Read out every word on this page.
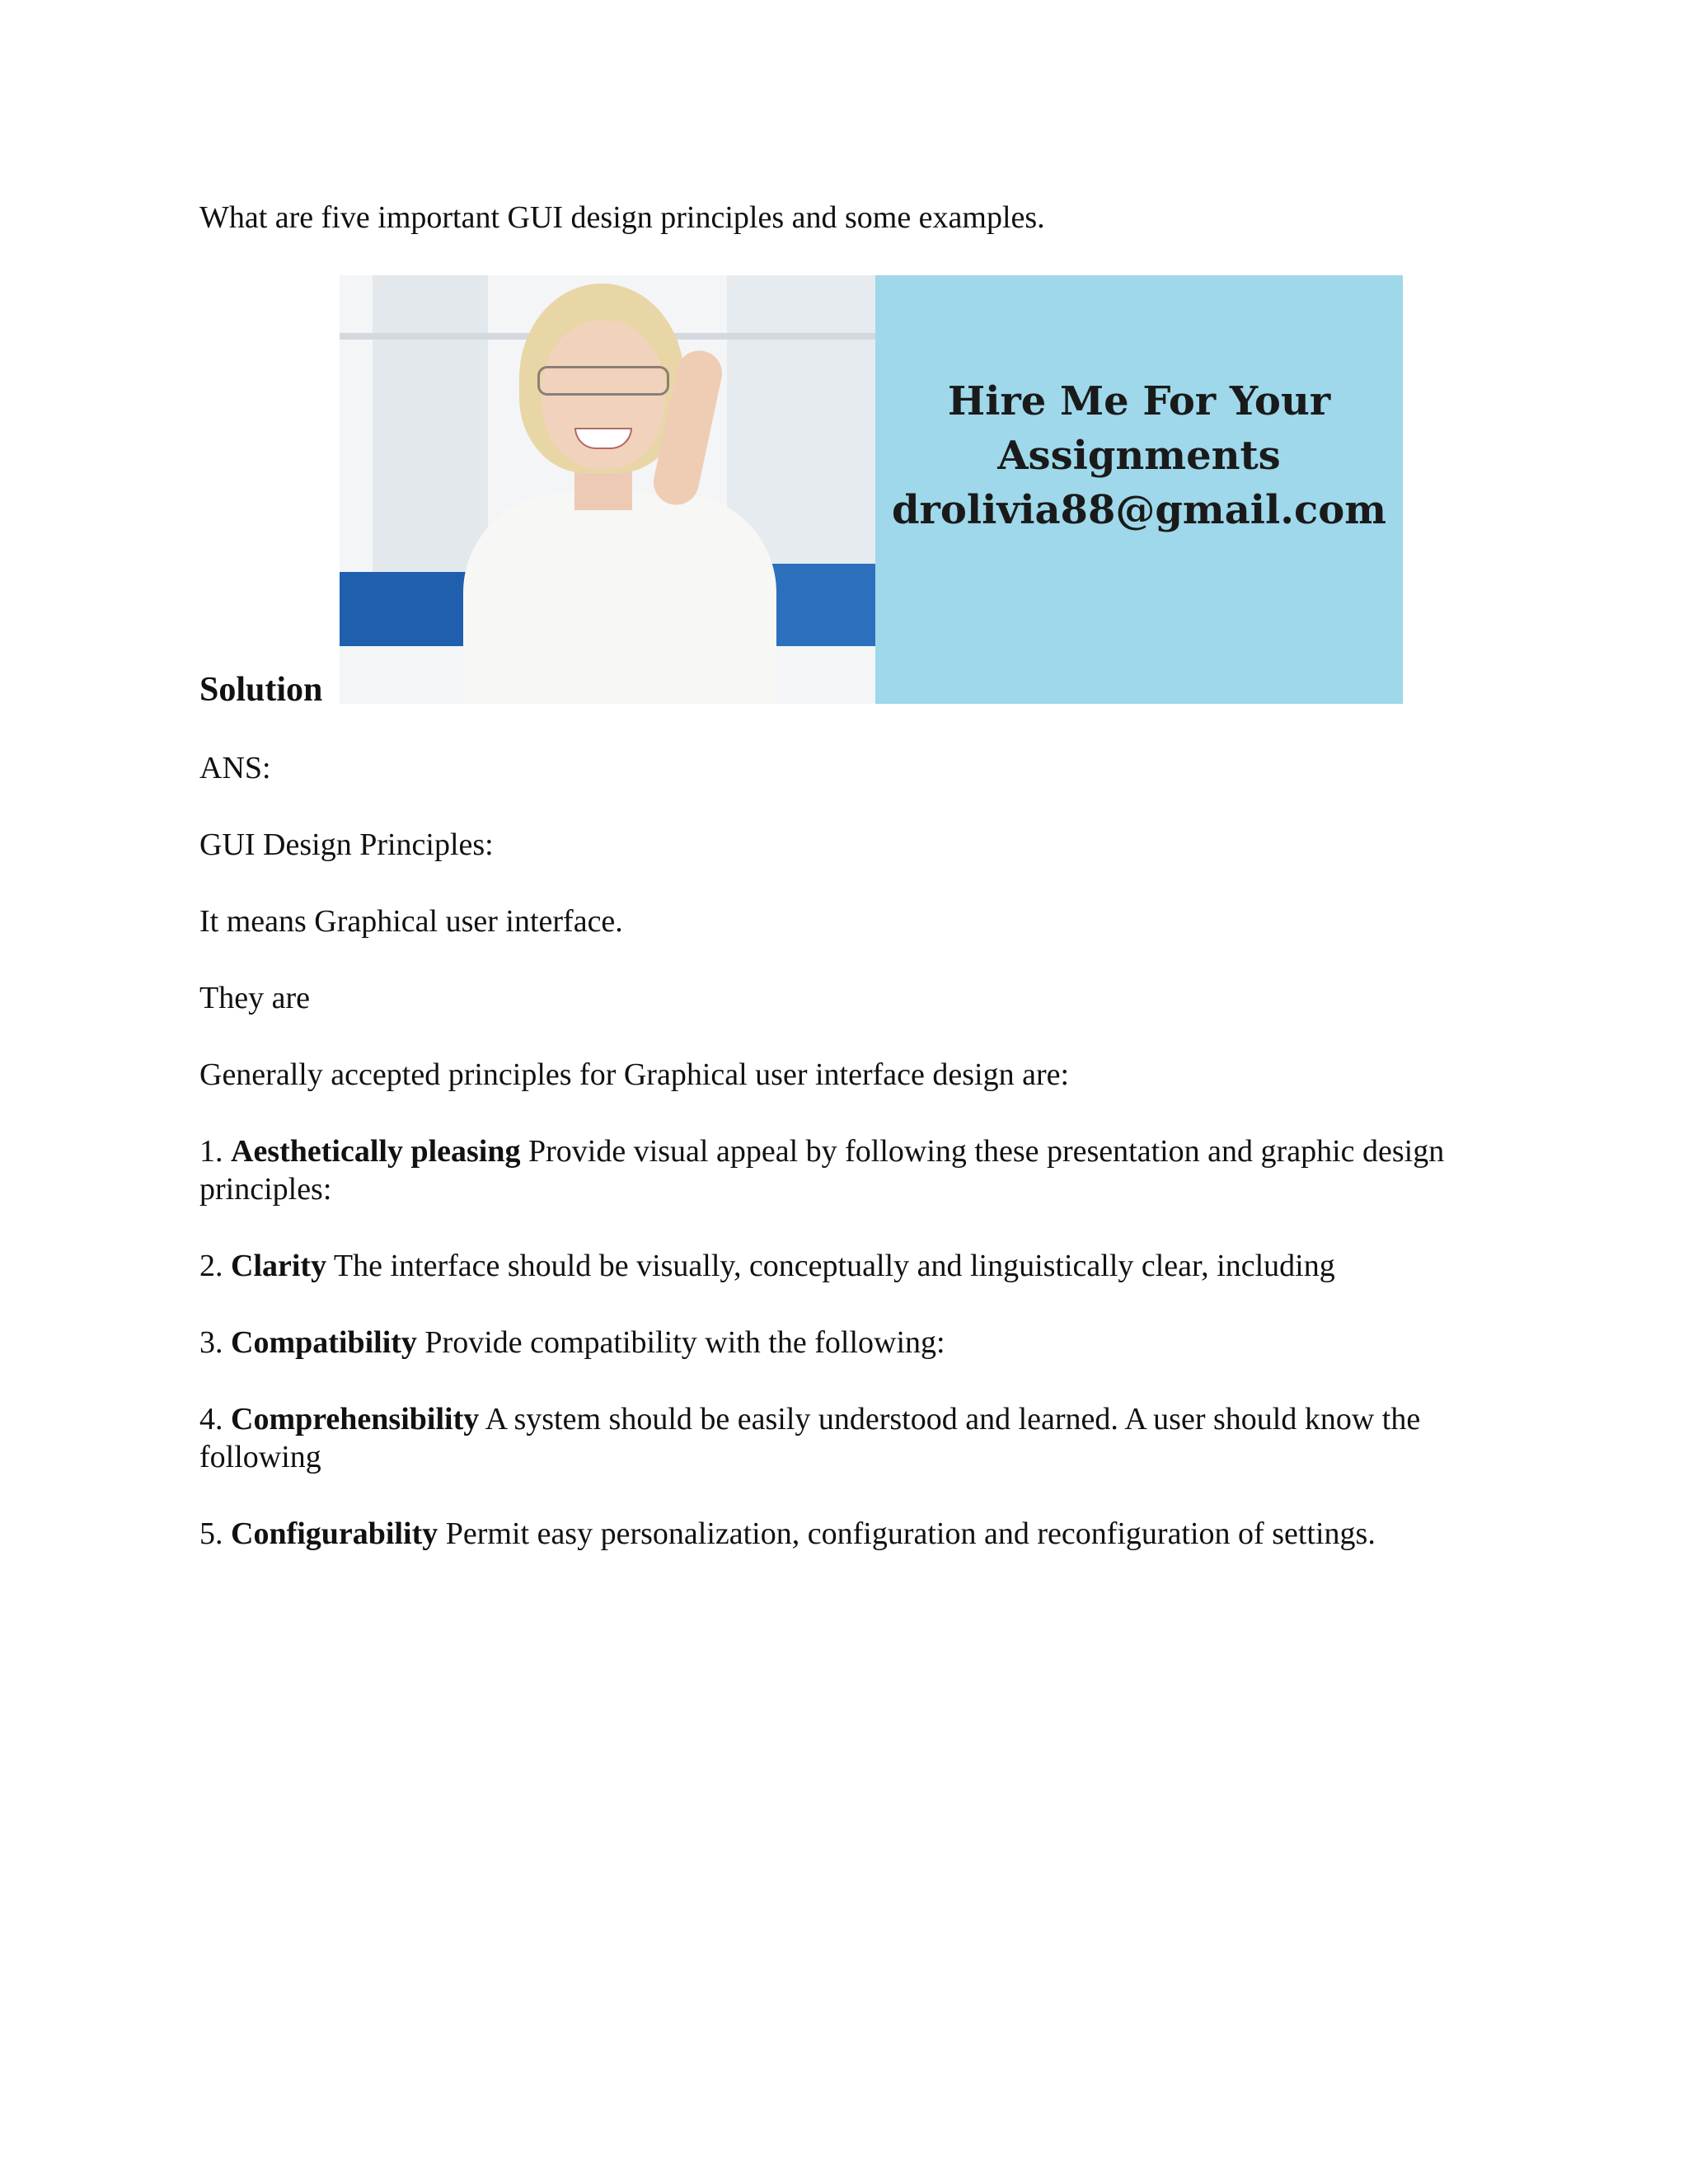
What are five important GUI design principles and some examples.

Hire Me For Your
Assignments
drolivia88@gmail.com

Solution

ANS:

GUI Design Principles:

It means Graphical user interface.

They are

Generally accepted principles for Graphical user interface design are:

1. Aesthetically pleasing Provide visual appeal by following these presentation and graphic design principles:

2. Clarity The interface should be visually, conceptually and linguistically clear, including

3. Compatibility Provide compatibility with the following:

4. Comprehensibility A system should be easily understood and learned. A user should know the following

5. Configurability Permit easy personalization, configuration and reconfiguration of settings.
